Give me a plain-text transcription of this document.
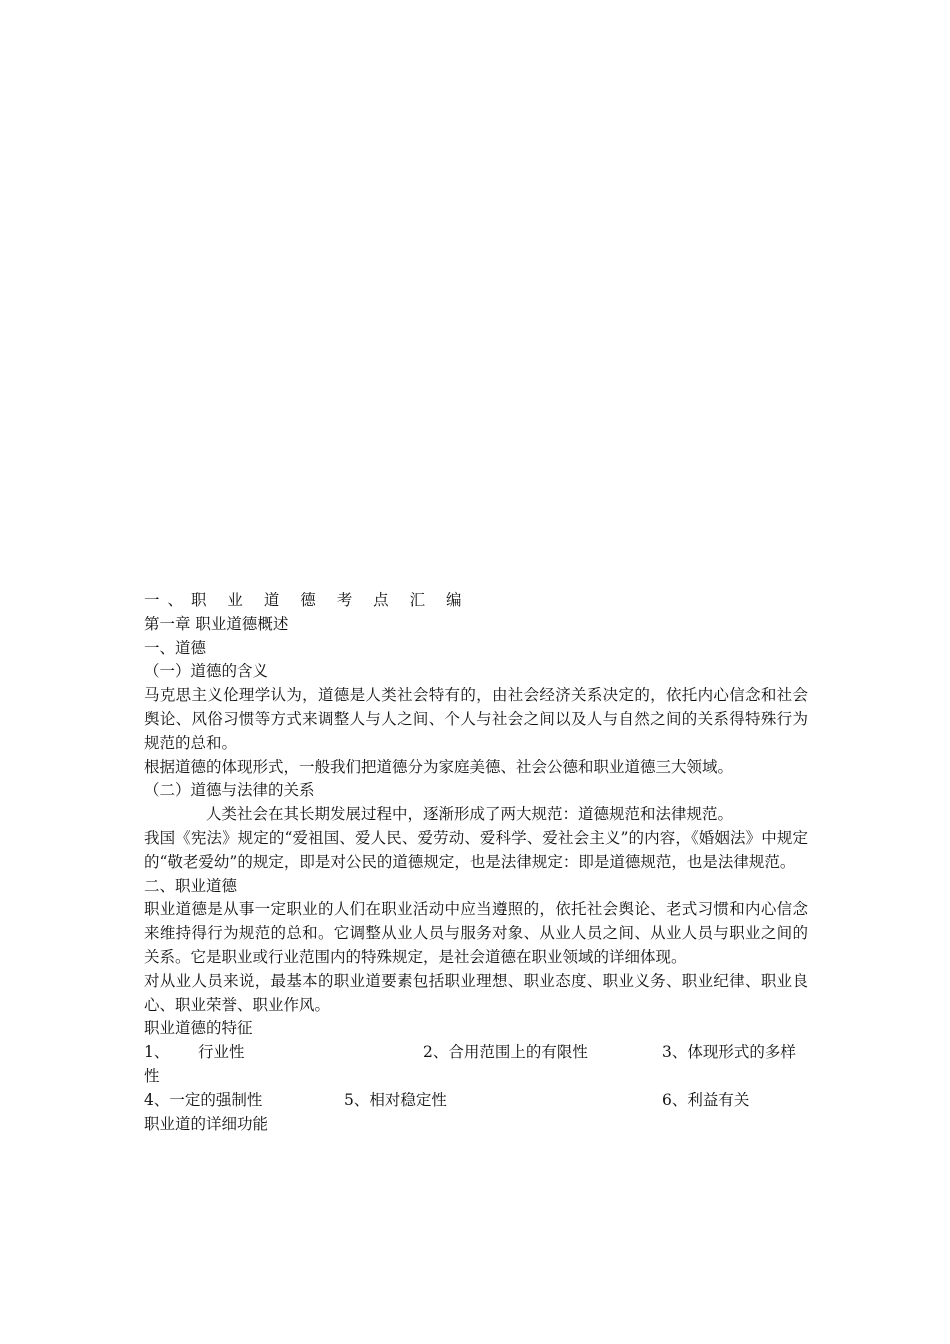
一、职 业 道 德 考 点 汇 编
第一章 职业道德概述
一、道德
（一）道德的含义
马克思主义伦理学认为，道德是人类社会特有的，由社会经济关系决定的，依托内心信念和社会舆论、风俗习惯等方式来调整人与人之间、个人与社会之间以及人与自然之间的关系得特殊行为规范的总和。
根据道德的体现形式，一般我们把道德分为家庭美德、社会公德和职业道德三大领域。
（二）道德与法律的关系
人类社会在其长期发展过程中，逐渐形成了两大规范：道德规范和法律规范。
我国《宪法》规定的“爱祖国、爱人民、爱劳动、爱科学、爱社会主义”的内容，《婚姻法》中规定的“敬老爱幼”的规定，即是对公民的道德规定，也是法律规定：即是道德规范，也是法律规范。
二、职业道德
职业道德是从事一定职业的人们在职业活动中应当遵照的，依托社会舆论、老式习惯和内心信念来维持得行为规范的总和。它调整从业人员与服务对象、从业人员之间、从业人员与职业之间的关系。它是职业或行业范围内的特殊规定，是社会道德在职业领域的详细体现。
对从业人员来说，最基本的职业道要素包括职业理想、职业态度、职业义务、职业纪律、职业良心、职业荣誉、职业作风。
职业道德的特征
1、 行业性	2、合用范围上的有限性	3、体现形式的多样
性
4、一定的强制性	5、相对稳定性	6、利益有关
职业道的详细功能
